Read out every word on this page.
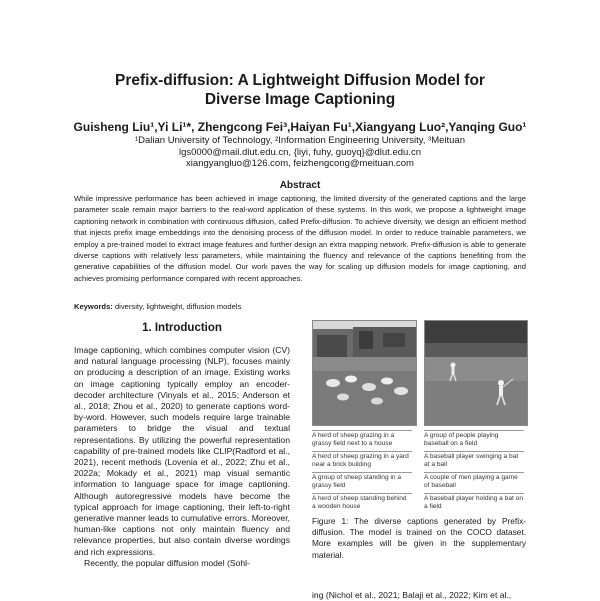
Prefix-diffusion: A Lightweight Diffusion Model for
Diverse Image Captioning
Guisheng Liu¹,Yi Li¹*, Zhengcong Fei³,Haiyan Fu¹,Xiangyang Luo²,Yanqing Guo¹
¹Dalian University of Technology, ²Information Engineering University, ³Meituan
lgs0000@mail.dlut.edu.cn, {liyi, fuhy, guoyq}@dlut.edu.cn
xiangyangluo@126.com, feizhengcong@meituan.com
Abstract
While impressive performance has been achieved in image captioning, the limited diversity of the generated captions and the large parameter scale remain major barriers to the real-word application of these systems. In this work, we propose a lightweight image captioning network in combination with continuous diffusion, called Prefix-diffusion. To achieve diversity, we design an efficient method that injects prefix image embeddings into the denoising process of the diffusion model. In order to reduce trainable parameters, we employ a pre-trained model to extract image features and further design an extra mapping network. Prefix-diffusion is able to generate diverse captions with relatively less parameters, while maintaining the fluency and relevance of the captions benefiting from the generative capabilities of the diffusion model. Our work paves the way for scaling up diffusion models for image captioning, and achieves promising performance compared with recent approaches.
Keywords: diversity, lightweight, diffusion models
1. Introduction

Image captioning, which combines computer vision (CV) and natural language processing (NLP), focuses mainly on producing a description of an image. Existing works on image captioning typically employ an encoder-decoder architecture (Vinyals et al., 2015; Anderson et al., 2018; Zhou et al., 2020) to generate captions word-by-word. However, such models require large trainable parameters to bridge the visual and textual representations. By utilizing the powerful representation capability of pre-trained models like CLIP(Radford et al., 2021), recent methods (Lovenia et al., 2022; Zhu et al., 2022a; Mokady et al., 2021) map visual semantic information to language space for image captioning. Although autoregressive models have become the typical approach for image captioning, their left-to-right generative manner leads to cumulative errors. Moreover, human-like captions not only maintain fluency and relevance properties, but also contain diverse wordings and rich expressions.

Recently, the popular diffusion model (Sohl-

A herd of sheep grazing in a grassy field next to a house
A herd of sheep grazing in a yard near a brick building
A group of sheep standing in a grassy field
A herd of sheep standing behind a wooden house
A group of people playing baseball on a field
A baseball player swinging a bat at a ball
A couple of men playing a game of baseball
A baseball player holding a bat on a field
Figure 1: The diverse captions generated by Prefix-diffusion. The model is trained on the COCO dataset. More examples will be given in the supplementary material.
ing (Nichol et al., 2021; Balaji et al., 2022; Kim et al.,
